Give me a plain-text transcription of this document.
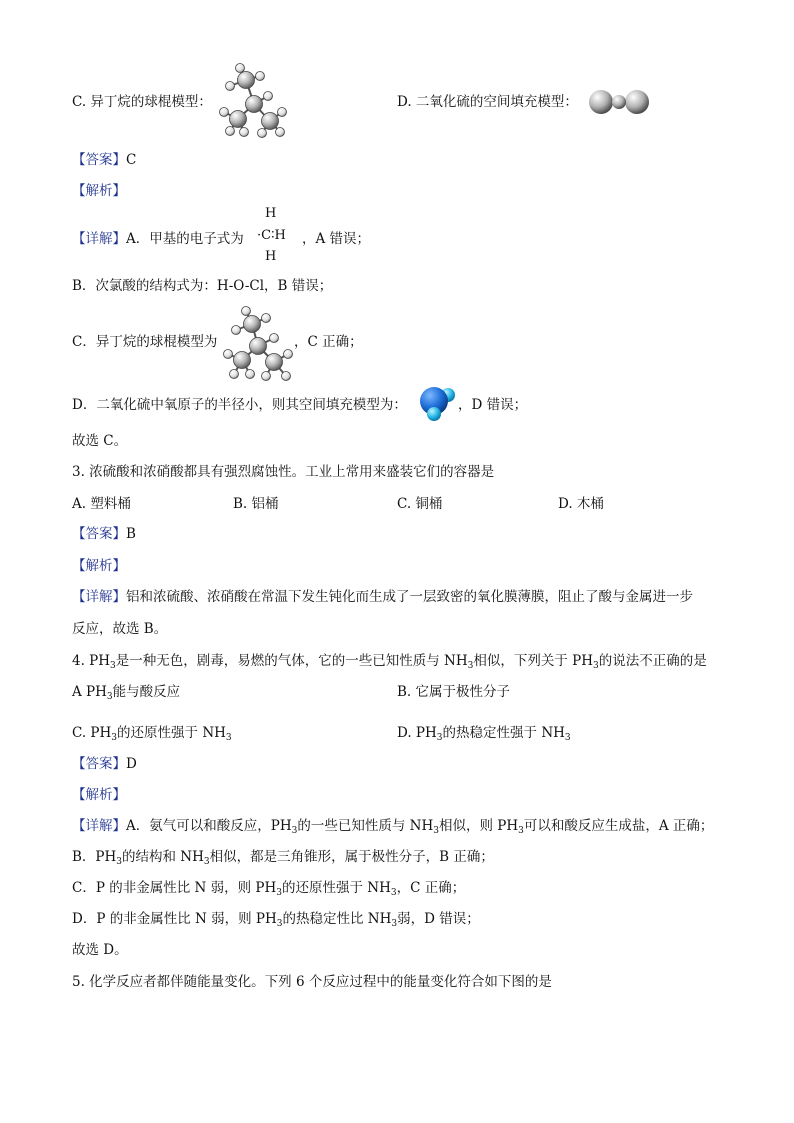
C. 异丁烷的球棍模型：	D. 二氧化硫的空间填充模型：
【答案】C
【解析】
【详解】A．甲基的电子式为
H
·C∶H
H
，A 错误；
B．次氯酸的结构式为：H-O-Cl，B 错误；
C．异丁烷的球棍模型为	，C 正确；
D．二氧化硫中氧原子的半径小，则其空间填充模型为：	，D 错误；
故选 C。
3. 浓硫酸和浓硝酸都具有强烈腐蚀性。工业上常用来盛装它们的容器是
A. 塑料桶	B. 铝桶	C. 铜桶	D. 木桶
【答案】B
【解析】
【详解】铝和浓硫酸、浓硝酸在常温下发生钝化而生成了一层致密的氧化膜薄膜，阻止了酸与金属进一步
反应，故选 B。
4. $PH_3$是一种无色，剧毒，易燃的气体，它的一些已知性质与 $NH_3$相似，下列关于 $PH_3$的说法不正确的是
A $PH_3$能与酸反应	B. 它属于极性分子
C. $PH_3$的还原性强于 $NH_3$	D. $PH_3$的热稳定性强于 $NH_3$
【答案】D
【解析】
【详解】A．氨气可以和酸反应，$PH_3$的一些已知性质与 $NH_3$相似，则 $PH_3$可以和酸反应生成盐，A 正确；
B．$PH_3$的结构和 $NH_3$相似，都是三角锥形，属于极性分子，B 正确；
C．P 的非金属性比 N 弱，则 $PH_3$的还原性强于 $NH_3$，C 正确；
D．P 的非金属性比 N 弱，则 $PH_3$的热稳定性比 $NH_3$弱，D 错误；
故选 D。
5. 化学反应者都伴随能量变化。下列 6 个反应过程中的能量变化符合如下图的是
